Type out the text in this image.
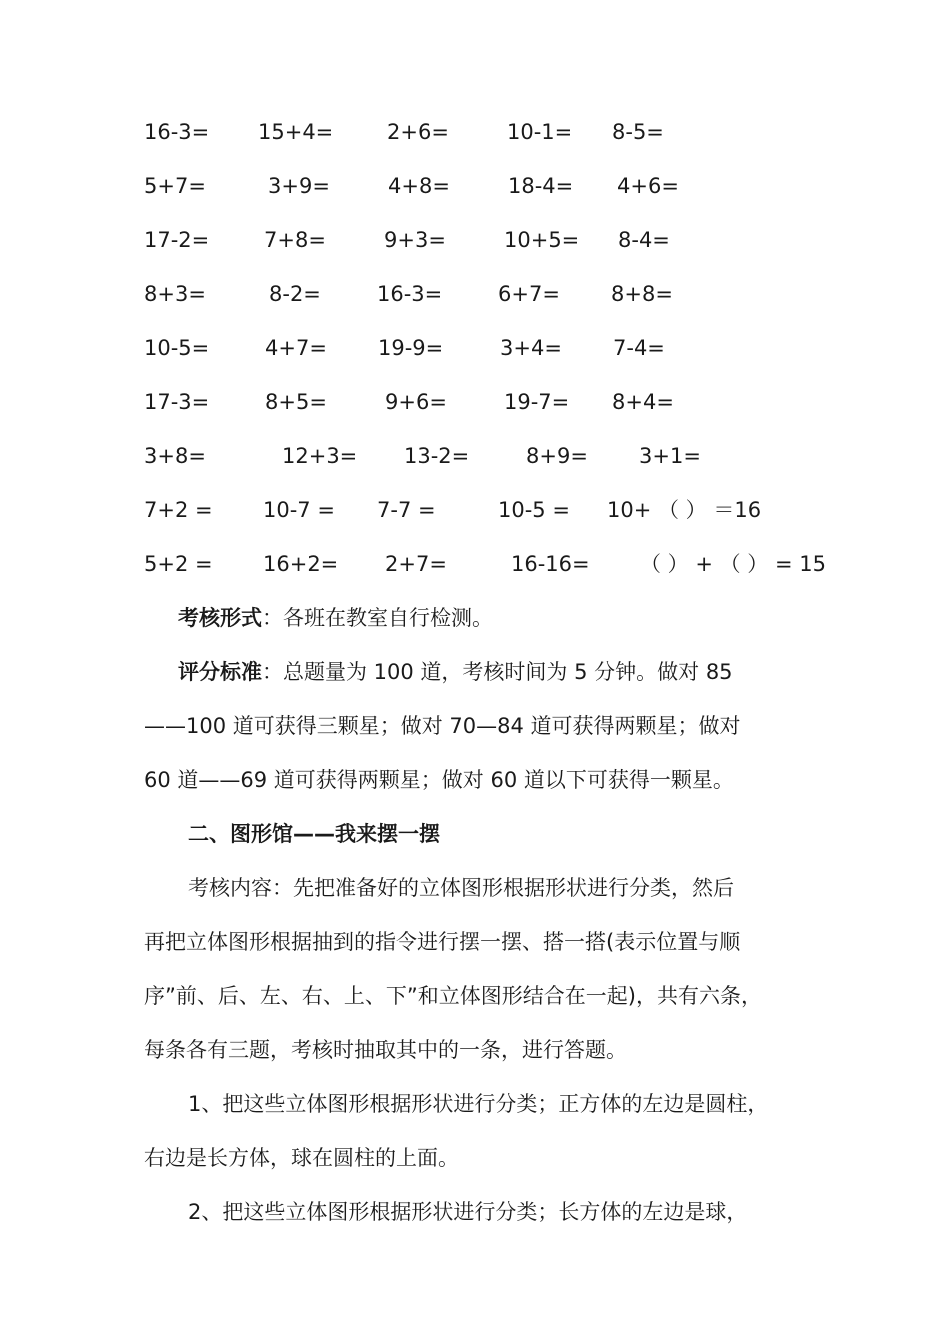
16-3= 15+4=	2+6=	10-1= 8-5=
5+7=	3+9=	4+8=	18-4= 4+6=
17-2=	7+8=	9+3=	10+5= 8-4=
8+3=	8-2=	16-3=	6+7= 8+8=
10-5=	4+7= 19-9=	3+4= 7-4=
17-3=	8+5=	9+6=	19-7= 8+4=
3+8=	12+3= 13-2=	8+9= 3+1=
7+2 = 10-7 = 7-7 =	10-5 = 10+ （ ） ＝16
5+2 = 16+2= 2+7=	16-16= （ ） + （ ） = 15
考核形式：各班在教室自行检测。
评分标准：总题量为 100 道，考核时间为 5 分钟。做对 85
——100 道可获得三颗星；做对 70—84 道可获得两颗星；做对
60 道——69 道可获得两颗星；做对 60 道以下可获得一颗星。
二、图形馆——我来摆一摆
考核内容：先把准备好的立体图形根据形状进行分类，然后
再把立体图形根据抽到的指令进行摆一摆、搭一搭(表示位置与顺
序”前、后、左、右、上、下”和立体图形结合在一起)，共有六条，
每条各有三题，考核时抽取其中的一条，进行答题。
1、把这些立体图形根据形状进行分类；正方体的左边是圆柱，
右边是长方体，球在圆柱的上面。
2、把这些立体图形根据形状进行分类；长方体的左边是球，
